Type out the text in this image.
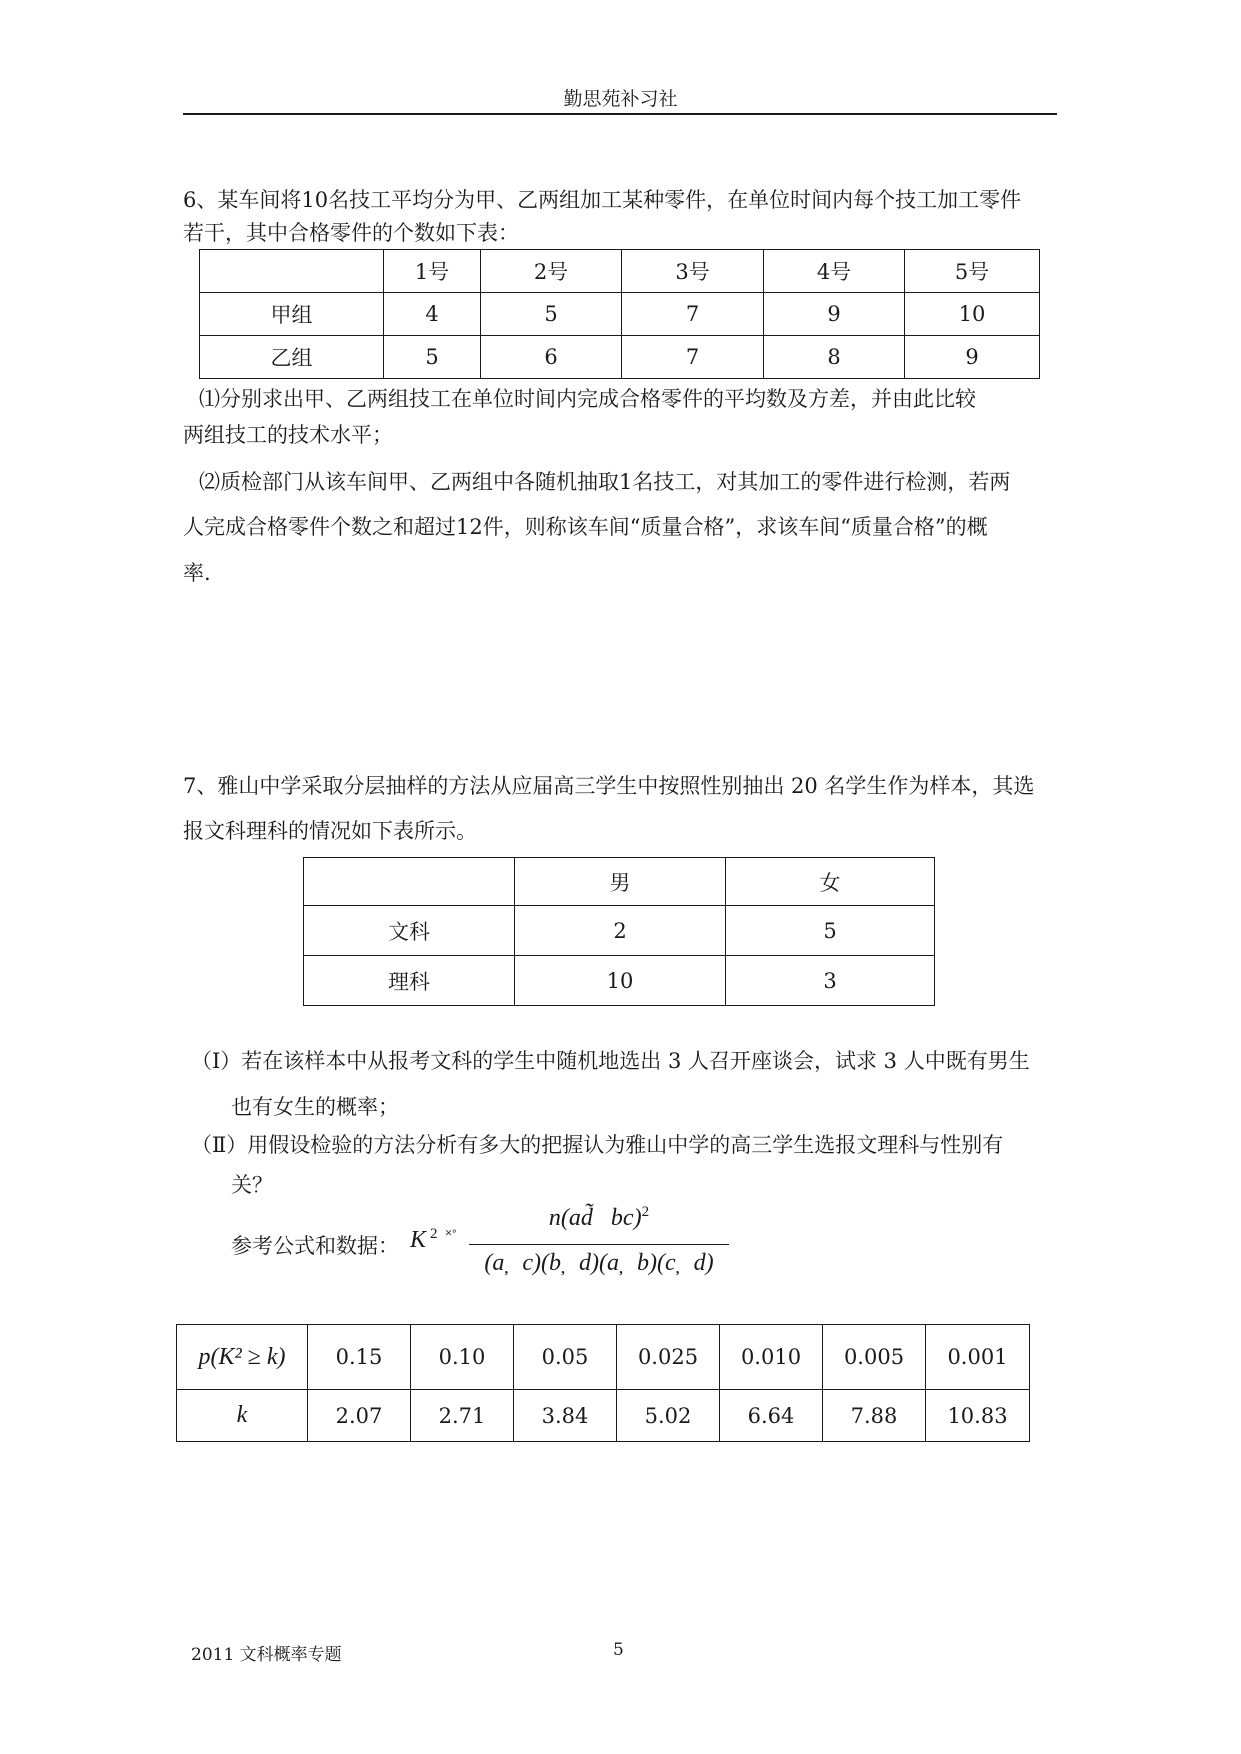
勤思苑补习社
6、某车间将10名技工平均分为甲、乙两组加工某种零件，在单位时间内每个技工加工零件
若干，其中合格零件的个数如下表：
	1号	2号	3号	4号	5号
甲组	4	5	7	9	10
乙组	5	6	7	8	9
⑴分别求出甲、乙两组技工在单位时间内完成合格零件的平均数及方差，并由此比较
两组技工的技术水平；
⑵质检部门从该车间甲、乙两组中各随机抽取1名技工，对其加工的零件进行检测，若两
人完成合格零件个数之和超过12件，则称该车间“质量合格”，求该车间“质量合格”的概
率.
7、雅山中学采取分层抽样的方法从应届高三学生中按照性别抽出 20 名学生作为样本，其选
报文科理科的情况如下表所示。
	男	女
文科	2	5
理科	10	3
（Ⅰ）若在该样本中从报考文科的学生中随机地选出 3 人召开座谈会，试求 3 人中既有男生
也有女生的概率；
（Ⅱ）用假设检验的方法分析有多大的把握认为雅山中学的高三学生选报文理科与性别有
关？
参考公式和数据： K $^2$ ˟˚
n(ad̃   bc)$^2$
(a̦   c)(b̦   d)(a̦   b)(c̦   d)
p(K² ≥ k)	0.15	0.10	0.05	0.025	0.010	0.005	0.001
k	2.07	2.71	3.84	5.02	6.64	7.88	10.83
2011 文科概率专题	5
